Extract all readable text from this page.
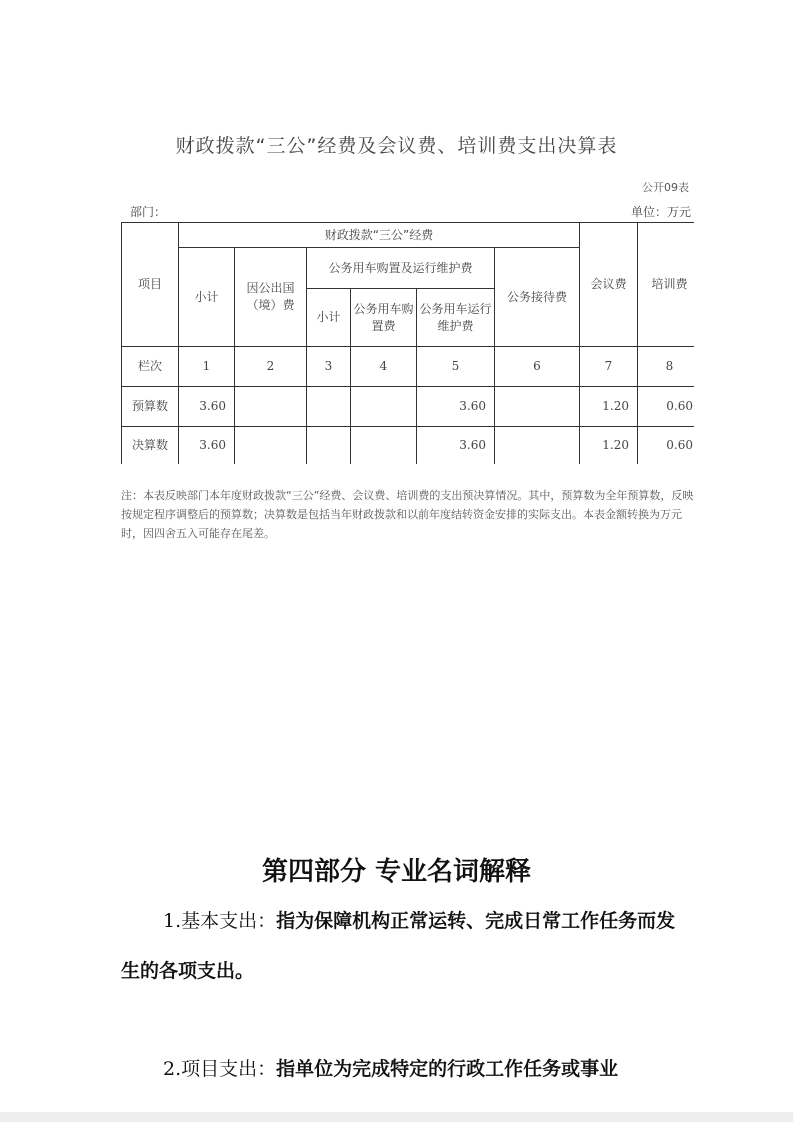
财政拨款“三公”经费及会议费、培训费支出决算表
公开09表
部门：	单位：万元
项目	财政拨款“三公”经费						会议费	培训费
	小计	因公出国（境）费	公务用车购置及运行维护费			公务接待费		
			小计	公务用车购置费	公务用车运行维护费			
栏次	1	2	3	4	5	6	7	8
预算数	3.60				3.60		1.20	0.60
决算数	3.60				3.60		1.20	0.60
注：本表反映部门本年度财政拨款“三公”经费、会议费、培训费的支出预决算情况。其中，预算数为全年预算数，反映按规定程序调整后的预算数；决算数是包括当年财政拨款和以前年度结转资金安排的实际支出。本表金额转换为万元时，因四舍五入可能存在尾差。
第四部分 专业名词解释
1.基本支出：指为保障机构正常运转、完成日常工作任务而发生的各项支出。
2.项目支出：指单位为完成特定的行政工作任务或事业
